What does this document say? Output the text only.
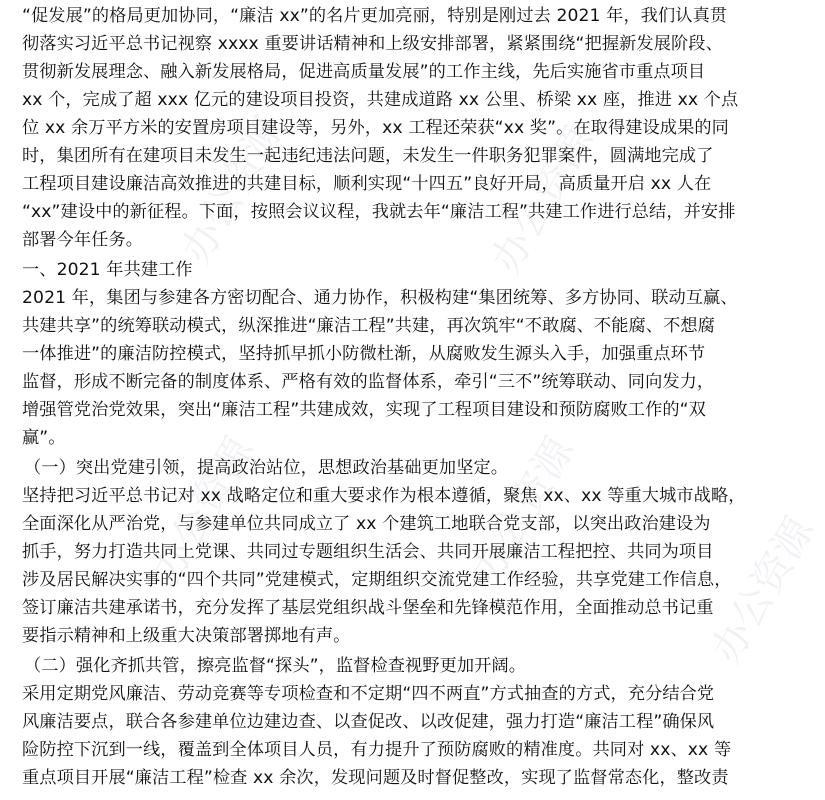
办公资源	办公资源
办公资源	办公资源	办公资源
“促发展”的格局更加协同，“廉洁 xx”的名片更加亮丽，特别是刚过去 2021 年，我们认真贯
彻落实习近平总书记视察 xxxx 重要讲话精神和上级安排部署，紧紧围绕“把握新发展阶段、
贯彻新发展理念、融入新发展格局，促进高质量发展”的工作主线，先后实施省市重点项目
xx 个，完成了超 xxx 亿元的建设项目投资，共建成道路 xx 公里、桥梁 xx 座，推进 xx 个点
位 xx 余万平方米的安置房项目建设等，另外，xx 工程还荣获“xx 奖”。在取得建设成果的同
时，集团所有在建项目未发生一起违纪违法问题，未发生一件职务犯罪案件，圆满地完成了
工程项目建设廉洁高效推进的共建目标，顺利实现“十四五”良好开局，高质量开启 xx 人在
“xx”建设中的新征程。下面，按照会议议程，我就去年“廉洁工程”共建工作进行总结，并安排
部署今年任务。
一、2021 年共建工作
2021 年，集团与参建各方密切配合、通力协作，积极构建“集团统筹、多方协同、联动互赢、
共建共享”的统筹联动模式，纵深推进“廉洁工程”共建，再次筑牢“不敢腐、不能腐、不想腐
一体推进”的廉洁防控模式，坚持抓早抓小防微杜渐，从腐败发生源头入手，加强重点环节
监督，形成不断完备的制度体系、严格有效的监督体系，牵引“三不”统筹联动、同向发力，
增强管党治党效果，突出“廉洁工程”共建成效，实现了工程项目建设和预防腐败工作的“双
赢”。
（一）突出党建引领，提高政治站位，思想政治基础更加坚定。
坚持把习近平总书记对 xx 战略定位和重大要求作为根本遵循，聚焦 xx、xx 等重大城市战略，
全面深化从严治党，与参建单位共同成立了 xx 个建筑工地联合党支部，以突出政治建设为
抓手，努力打造共同上党课、共同过专题组织生活会、共同开展廉洁工程把控、共同为项目
涉及居民解决实事的“四个共同”党建模式，定期组织交流党建工作经验，共享党建工作信息，
签订廉洁共建承诺书，充分发挥了基层党组织战斗堡垒和先锋模范作用，全面推动总书记重
要指示精神和上级重大决策部署掷地有声。
（二）强化齐抓共管，擦亮监督“探头”，监督检查视野更加开阔。
采用定期党风廉洁、劳动竞赛等专项检查和不定期“四不两直”方式抽查的方式，充分结合党
风廉洁要点，联合各参建单位边建边查、以查促改、以改促建，强力打造“廉洁工程”确保风
险防控下沉到一线，覆盖到全体项目人员，有力提升了预防腐败的精准度。共同对 xx、xx 等
重点项目开展“廉洁工程”检查 xx 余次，发现问题及时督促整改，实现了监督常态化，整改责
